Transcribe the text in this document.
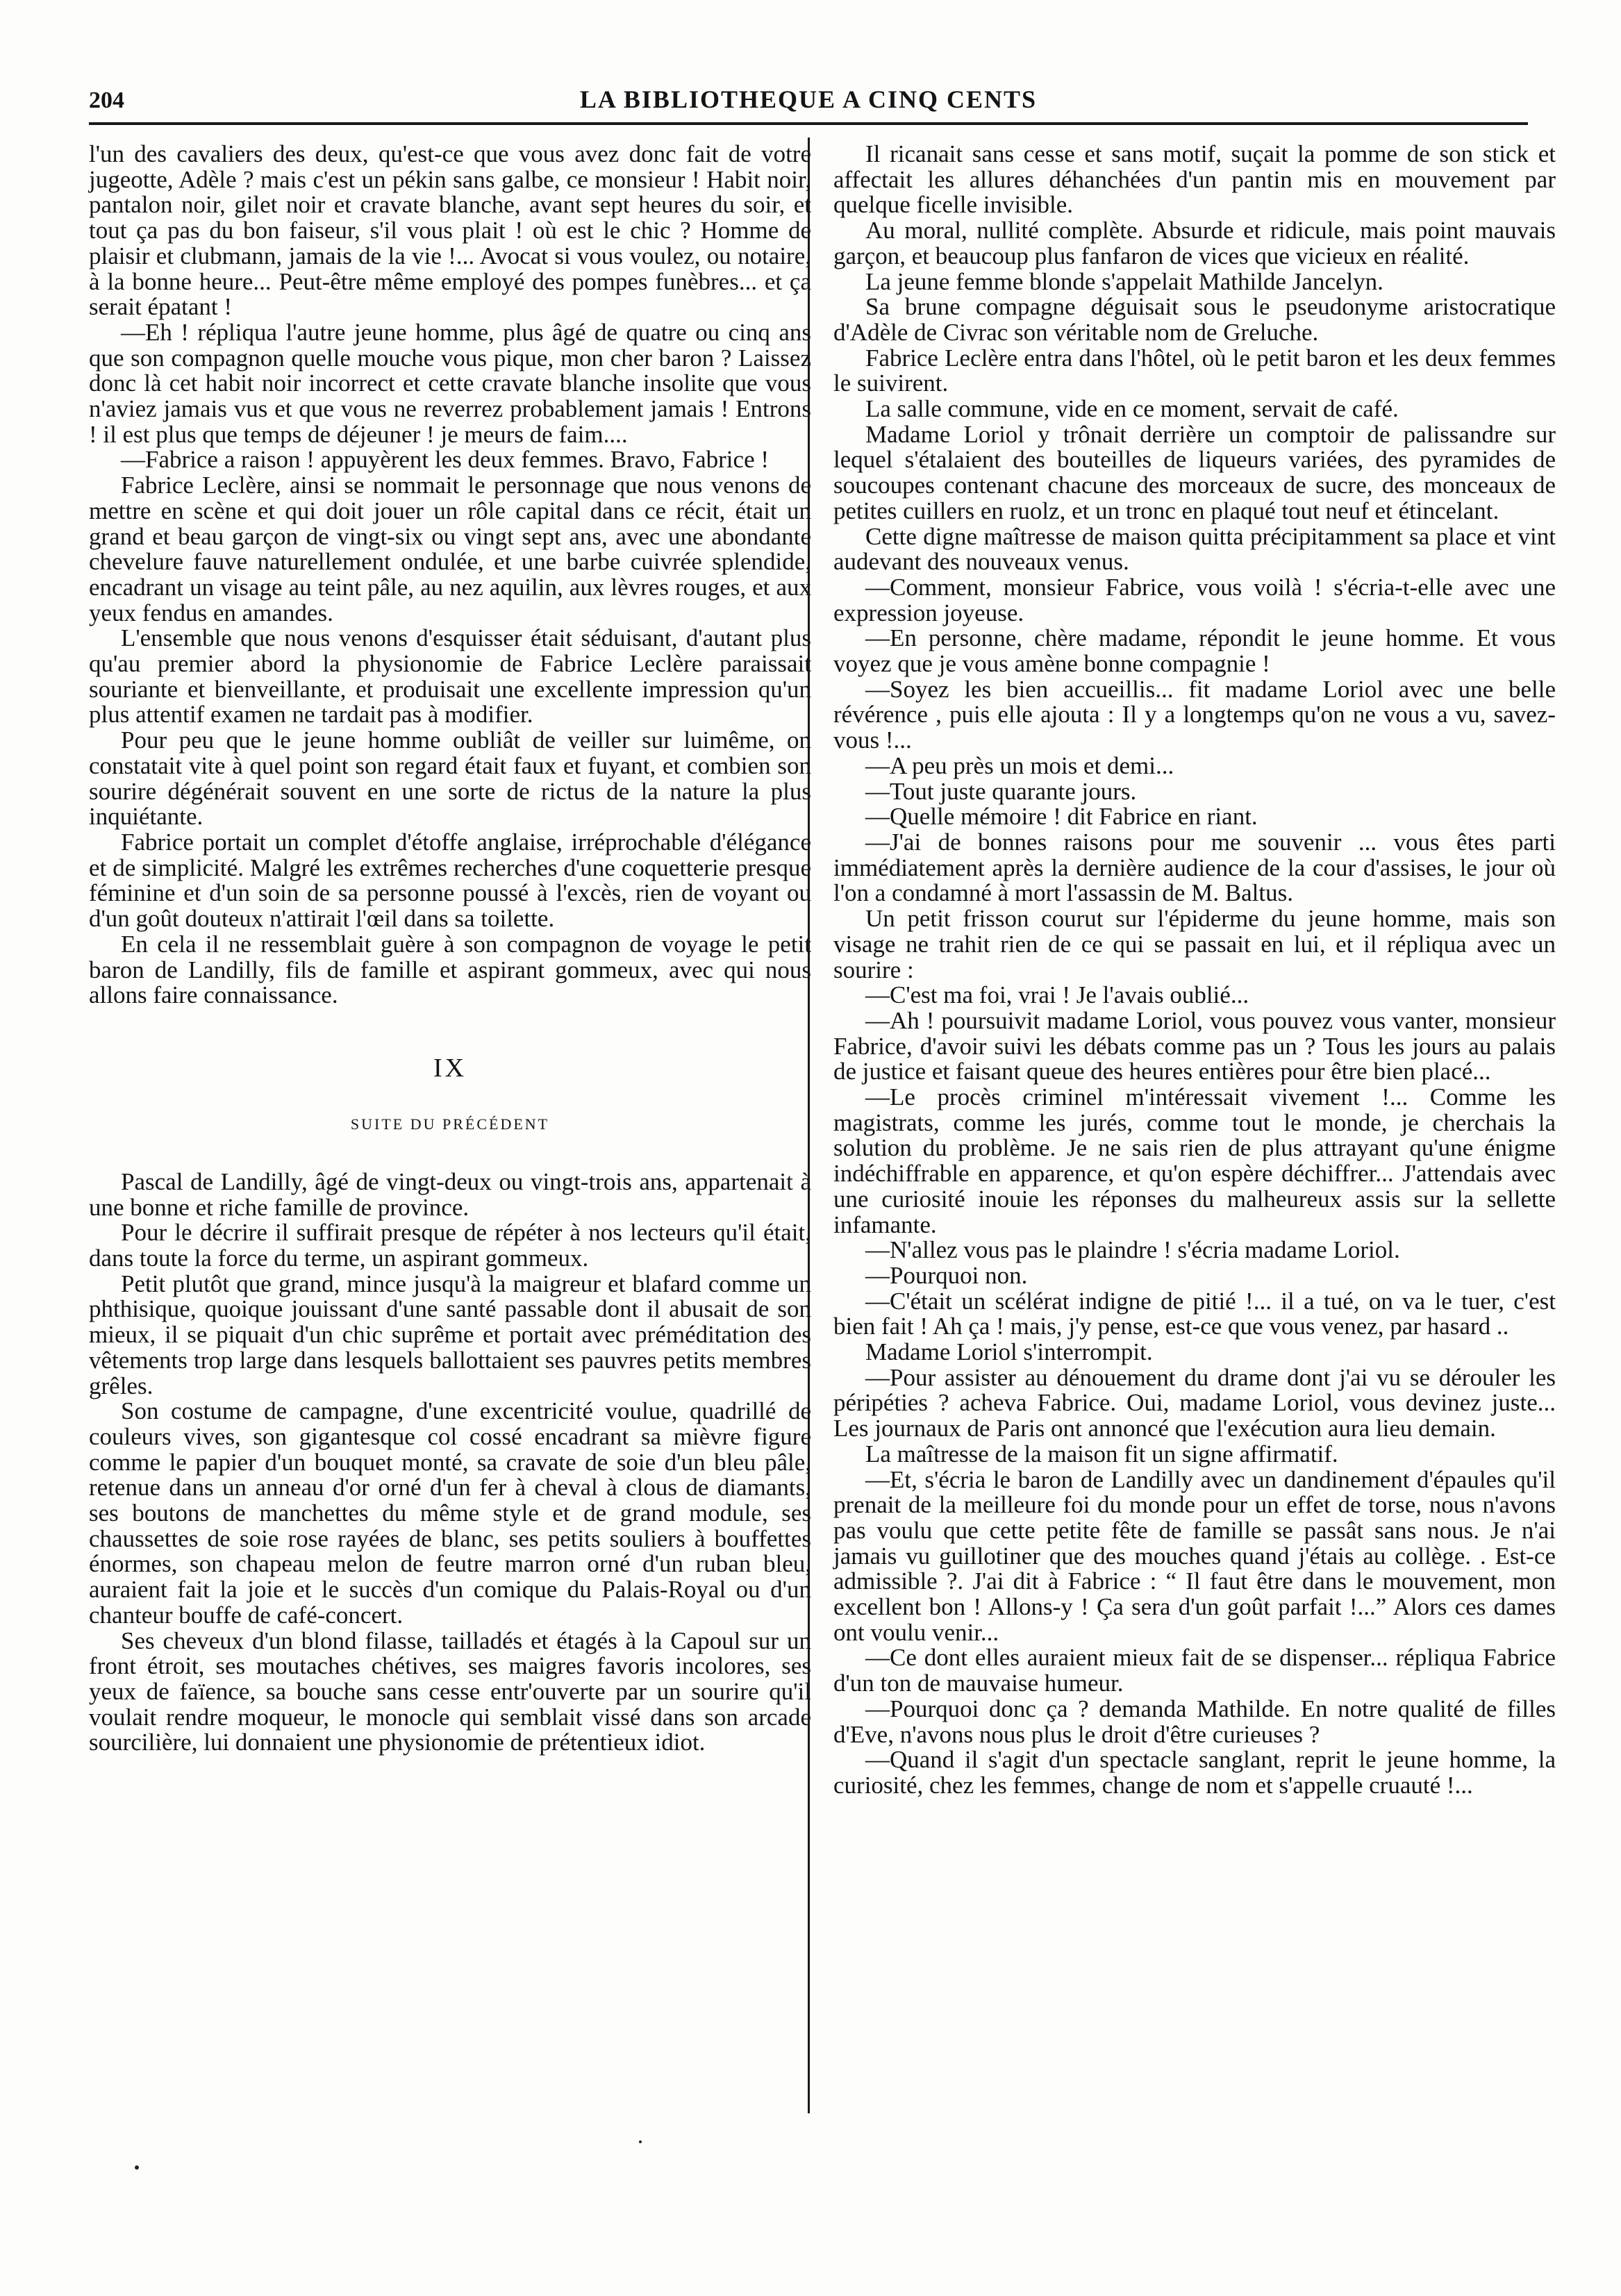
204	LA BIBLIOTHEQUE A CINQ CENTS

l'un des cavaliers des deux, qu'est-ce que vous avez donc fait de votre jugeotte, Adèle ? mais c'est un pékin sans galbe, ce monsieur ! Habit noir, pantalon noir, gilet noir et cravate blanche, avant sept heures du soir, et tout ça pas du bon faiseur, s'il vous plait ! où est le chic ? Homme de plaisir et clubmann, jamais de la vie !... Avocat si vous voulez, ou notaire, à la bonne heure... Peut-être même employé des pompes funèbres... et ça serait épatant !

—Eh ! répliqua l'autre jeune homme, plus âgé de quatre ou cinq ans que son compagnon quelle mouche vous pique, mon cher baron ? Laissez donc là cet habit noir incorrect et cette cravate blanche insolite que vous n'aviez jamais vus et que vous ne reverrez probablement jamais ! Entrons ! il est plus que temps de déjeuner ! je meurs de faim....

—Fabrice a raison ! appuyèrent les deux femmes. Bravo, Fabrice !

Fabrice Leclère, ainsi se nommait le personnage que nous venons de mettre en scène et qui doit jouer un rôle capital dans ce récit, était un grand et beau garçon de vingt-six ou vingt sept ans, avec une abondante chevelure fauve naturellement ondulée, et une barbe cuivrée splendide, encadrant un visage au teint pâle, au nez aquilin, aux lèvres rouges, et aux yeux fendus en amandes.

L'ensemble que nous venons d'esquisser était séduisant, d'autant plus qu'au premier abord la physionomie de Fabrice Leclère paraissait souriante et bienveillante, et produisait une excellente impression qu'un plus attentif examen ne tardait pas à modifier.

Pour peu que le jeune homme oubliât de veiller sur luimême, on constatait vite à quel point son regard était faux et fuyant, et combien son sourire dégénérait souvent en une sorte de rictus de la nature la plus inquiétante.

Fabrice portait un complet d'étoffe anglaise, irréprochable d'élégance et de simplicité. Malgré les extrêmes recherches d'une coquetterie presque féminine et d'un soin de sa personne poussé à l'excès, rien de voyant ou d'un goût douteux n'attirait l'œil dans sa toilette.

En cela il ne ressemblait guère à son compagnon de voyage le petit baron de Landilly, fils de famille et aspirant gommeux, avec qui nous allons faire connaissance.

IX
SUITE DU PRÉCÉDENT

Pascal de Landilly, âgé de vingt-deux ou vingt-trois ans, appartenait à une bonne et riche famille de province.

Pour le décrire il suffirait presque de répéter à nos lecteurs qu'il était, dans toute la force du terme, un aspirant gommeux.

Petit plutôt que grand, mince jusqu'à la maigreur et blafard comme un phthisique, quoique jouissant d'une santé passable dont il abusait de son mieux, il se piquait d'un chic suprême et portait avec préméditation des vêtements trop large dans lesquels ballottaient ses pauvres petits membres grêles.

Son costume de campagne, d'une excentricité voulue, quadrillé de couleurs vives, son gigantesque col cossé encadrant sa mièvre figure comme le papier d'un bouquet monté, sa cravate de soie d'un bleu pâle, retenue dans un anneau d'or orné d'un fer à cheval à clous de diamants, ses boutons de manchettes du même style et de grand module, ses chaussettes de soie rose rayées de blanc, ses petits souliers à bouffettes énormes, son chapeau melon de feutre marron orné d'un ruban bleu, auraient fait la joie et le succès d'un comique du Palais-Royal ou d'un chanteur bouffe de café-concert.

Ses cheveux d'un blond filasse, tailladés et étagés à la Capoul sur un front étroit, ses moutaches chétives, ses maigres favoris incolores, ses yeux de faïence, sa bouche sans cesse entr'ouverte par un sourire qu'il voulait rendre moqueur, le monocle qui semblait vissé dans son arcade sourcilière, lui donnaient une physionomie de prétentieux idiot.

Il ricanait sans cesse et sans motif, suçait la pomme de son stick et affectait les allures déhanchées d'un pantin mis en mouvement par quelque ficelle invisible.

Au moral, nullité complète. Absurde et ridicule, mais point mauvais garçon, et beaucoup plus fanfaron de vices que vicieux en réalité.

La jeune femme blonde s'appelait Mathilde Jancelyn.

Sa brune compagne déguisait sous le pseudonyme aristocratique d'Adèle de Civrac son véritable nom de Greluche.

Fabrice Leclère entra dans l'hôtel, où le petit baron et les deux femmes le suivirent.

La salle commune, vide en ce moment, servait de café.

Madame Loriol y trônait derrière un comptoir de palissandre sur lequel s'étalaient des bouteilles de liqueurs variées, des pyramides de soucoupes contenant chacune des morceaux de sucre, des monceaux de petites cuillers en ruolz, et un tronc en plaqué tout neuf et étincelant.

Cette digne maîtresse de maison quitta précipitamment sa place et vint audevant des nouveaux venus.

—Comment, monsieur Fabrice, vous voilà ! s'écria-t-elle avec une expression joyeuse.

—En personne, chère madame, répondit le jeune homme. Et vous voyez que je vous amène bonne compagnie !

—Soyez les bien accueillis... fit madame Loriol avec une belle révérence , puis elle ajouta : Il y a longtemps qu'on ne vous a vu, savez-vous !...

—A peu près un mois et demi...

—Tout juste quarante jours.

—Quelle mémoire ! dit Fabrice en riant.

—J'ai de bonnes raisons pour me souvenir ... vous êtes parti immédiatement après la dernière audience de la cour d'assises, le jour où l'on a condamné à mort l'assassin de M. Baltus.

Un petit frisson courut sur l'épiderme du jeune homme, mais son visage ne trahit rien de ce qui se passait en lui, et il répliqua avec un sourire :

—C'est ma foi, vrai ! Je l'avais oublié...

—Ah ! poursuivit madame Loriol, vous pouvez vous vanter, monsieur Fabrice, d'avoir suivi les débats comme pas un ? Tous les jours au palais de justice et faisant queue des heures entières pour être bien placé...

—Le procès criminel m'intéressait vivement !... Comme les magistrats, comme les jurés, comme tout le monde, je cherchais la solution du problème. Je ne sais rien de plus attrayant qu'une énigme indéchiffrable en apparence, et qu'on espère déchiffrer... J'attendais avec une curiosité inouie les réponses du malheureux assis sur la sellette infamante.

—N'allez vous pas le plaindre ! s'écria madame Loriol.

—Pourquoi non.

—C'était un scélérat indigne de pitié !... il a tué, on va le tuer, c'est bien fait ! Ah ça ! mais, j'y pense, est-ce que vous venez, par hasard ..

Madame Loriol s'interrompit.

—Pour assister au dénouement du drame dont j'ai vu se dérouler les péripéties ? acheva Fabrice. Oui, madame Loriol, vous devinez juste... Les journaux de Paris ont annoncé que l'exécution aura lieu demain.

La maîtresse de la maison fit un signe affirmatif.

—Et, s'écria le baron de Landilly avec un dandinement d'épaules qu'il prenait de la meilleure foi du monde pour un effet de torse, nous n'avons pas voulu que cette petite fête de famille se passât sans nous. Je n'ai jamais vu guillotiner que des mouches quand j'étais au collège. . Est-ce admissible ?. J'ai dit à Fabrice : “ Il faut être dans le mouvement, mon excellent bon ! Allons-y ! Ça sera d'un goût parfait !...” Alors ces dames ont voulu venir...

—Ce dont elles auraient mieux fait de se dispenser... répliqua Fabrice d'un ton de mauvaise humeur.

—Pourquoi donc ça ? demanda Mathilde. En notre qualité de filles d'Eve, n'avons nous plus le droit d'être curieuses ?

—Quand il s'agit d'un spectacle sanglant, reprit le jeune homme, la curiosité, chez les femmes, change de nom et s'appelle cruauté !...
